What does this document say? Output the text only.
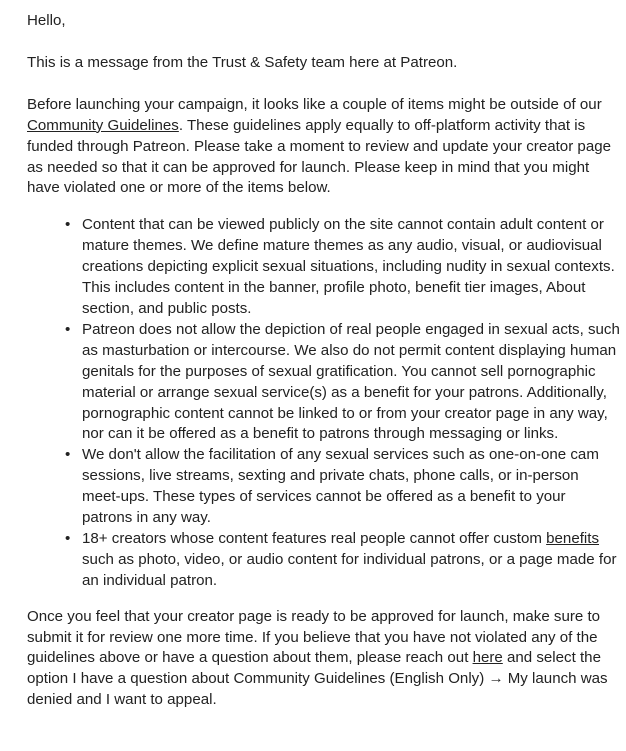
Hello,

This is a message from the Trust & Safety team here at Patreon.

Before launching your campaign, it looks like a couple of items might be outside of our Community Guidelines. These guidelines apply equally to off-platform activity that is funded through Patreon. Please take a moment to review and update your creator page as needed so that it can be approved for launch. Please keep in mind that you might have violated one or more of the items below.

• Content that can be viewed publicly on the site cannot contain adult content or mature themes. We define mature themes as any audio, visual, or audiovisual creations depicting explicit sexual situations, including nudity in sexual contexts. This includes content in the banner, profile photo, benefit tier images, About section, and public posts.
• Patreon does not allow the depiction of real people engaged in sexual acts, such as masturbation or intercourse. We also do not permit content displaying human genitals for the purposes of sexual gratification. You cannot sell pornographic material or arrange sexual service(s) as a benefit for your patrons. Additionally, pornographic content cannot be linked to or from your creator page in any way, nor can it be offered as a benefit to patrons through messaging or links.
• We don't allow the facilitation of any sexual services such as one-on-one cam sessions, live streams, sexting and private chats, phone calls, or in-person meet-ups. These types of services cannot be offered as a benefit to your patrons in any way.
• 18+ creators whose content features real people cannot offer custom benefits such as photo, video, or audio content for individual patrons, or a page made for an individual patron.

Once you feel that your creator page is ready to be approved for launch, make sure to submit it for review one more time. If you believe that you have not violated any of the guidelines above or have a question about them, please reach out here and select the option I have a question about Community Guidelines (English Only) → My launch was denied and I want to appeal.
